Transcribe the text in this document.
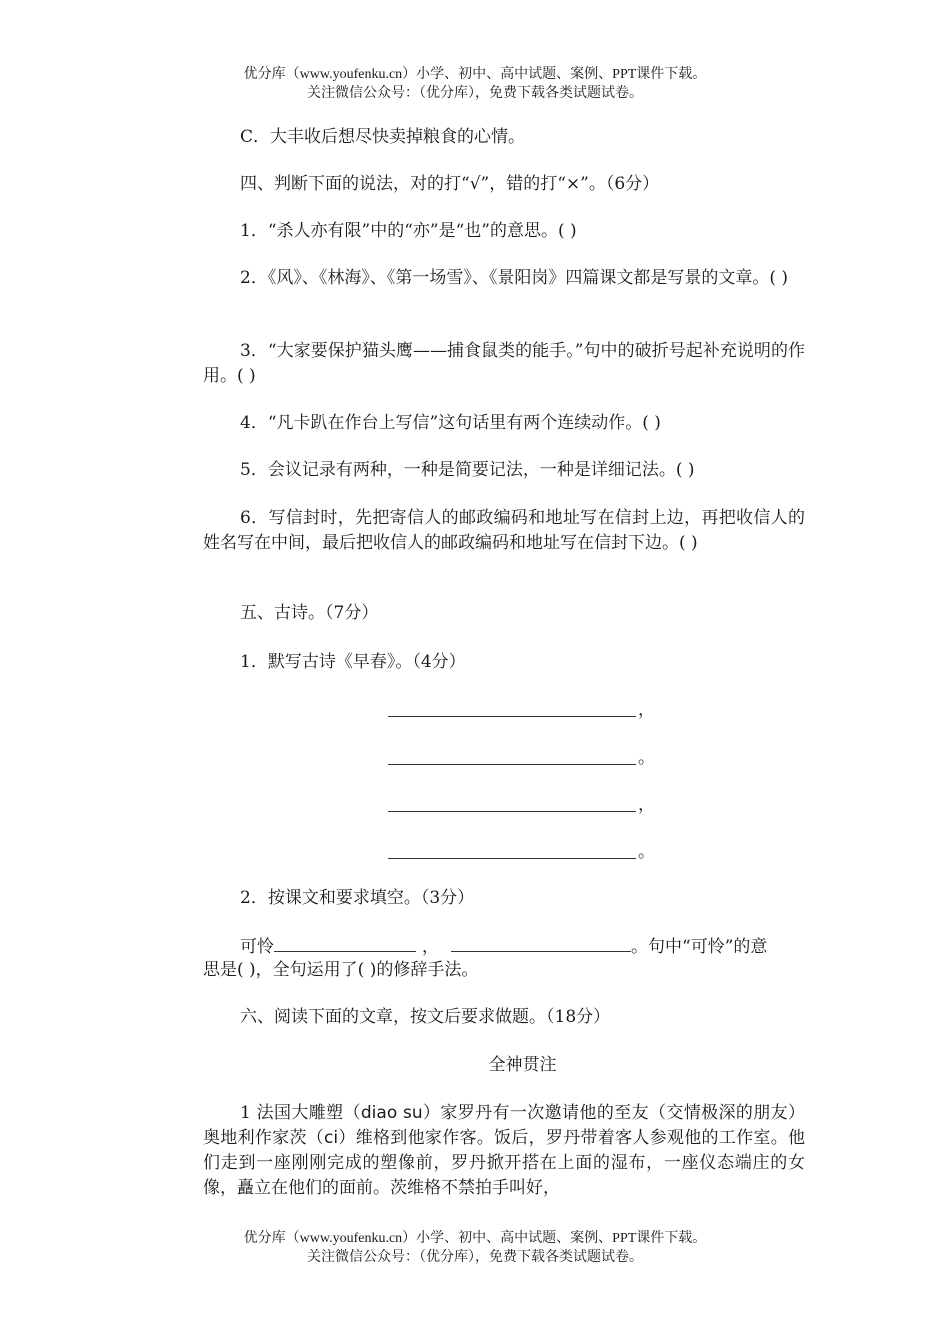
优分库（www.youfenku.cn）小学、初中、高中试题、案例、PPT课件下载。
关注微信公众号：（优分库），免费下载各类试题试卷。
C．大丰收后想尽快卖掉粮食的心情。
四、判断下面的说法，对的打“√”，错的打“×”。（6分）
1．“杀人亦有限”中的“亦”是“也”的意思。( )
2．《风》、《林海》、《第一场雪》、《景阳岗》四篇课文都是写景的文章。( )
3．“大家要保护猫头鹰——捕食鼠类的能手。”句中的破折号起补充说明的作用。( )
4．“凡卡趴在作台上写信”这句话里有两个连续动作。( )
5．会议记录有两种，一种是简要记法，一种是详细记法。( )
6．写信封时，先把寄信人的邮政编码和地址写在信封上边，再把收信人的姓名写在中间，最后把收信人的邮政编码和地址写在信封下边。( )
五、古诗。（7分）
1．默写古诗《早春》。（4分）
，
。
，
。
2．按课文和要求填空。（3分）
可怜	，	。句中“可怜”的意
思是( )，全句运用了( )的修辞手法。
六、阅读下面的文章，按文后要求做题。（18分）
全神贯注
1 法国大雕塑（diao su）家罗丹有一次邀请他的至友（交情极深的朋友）奥地利作家茨（ci）维格到他家作客。饭后，罗丹带着客人参观他的工作室。他们走到一座刚刚完成的塑像前，罗丹掀开搭在上面的湿布，一座仪态端庄的女像，矗立在他们的面前。茨维格不禁拍手叫好，
优分库（www.youfenku.cn）小学、初中、高中试题、案例、PPT课件下载。
关注微信公众号：（优分库），免费下载各类试题试卷。
